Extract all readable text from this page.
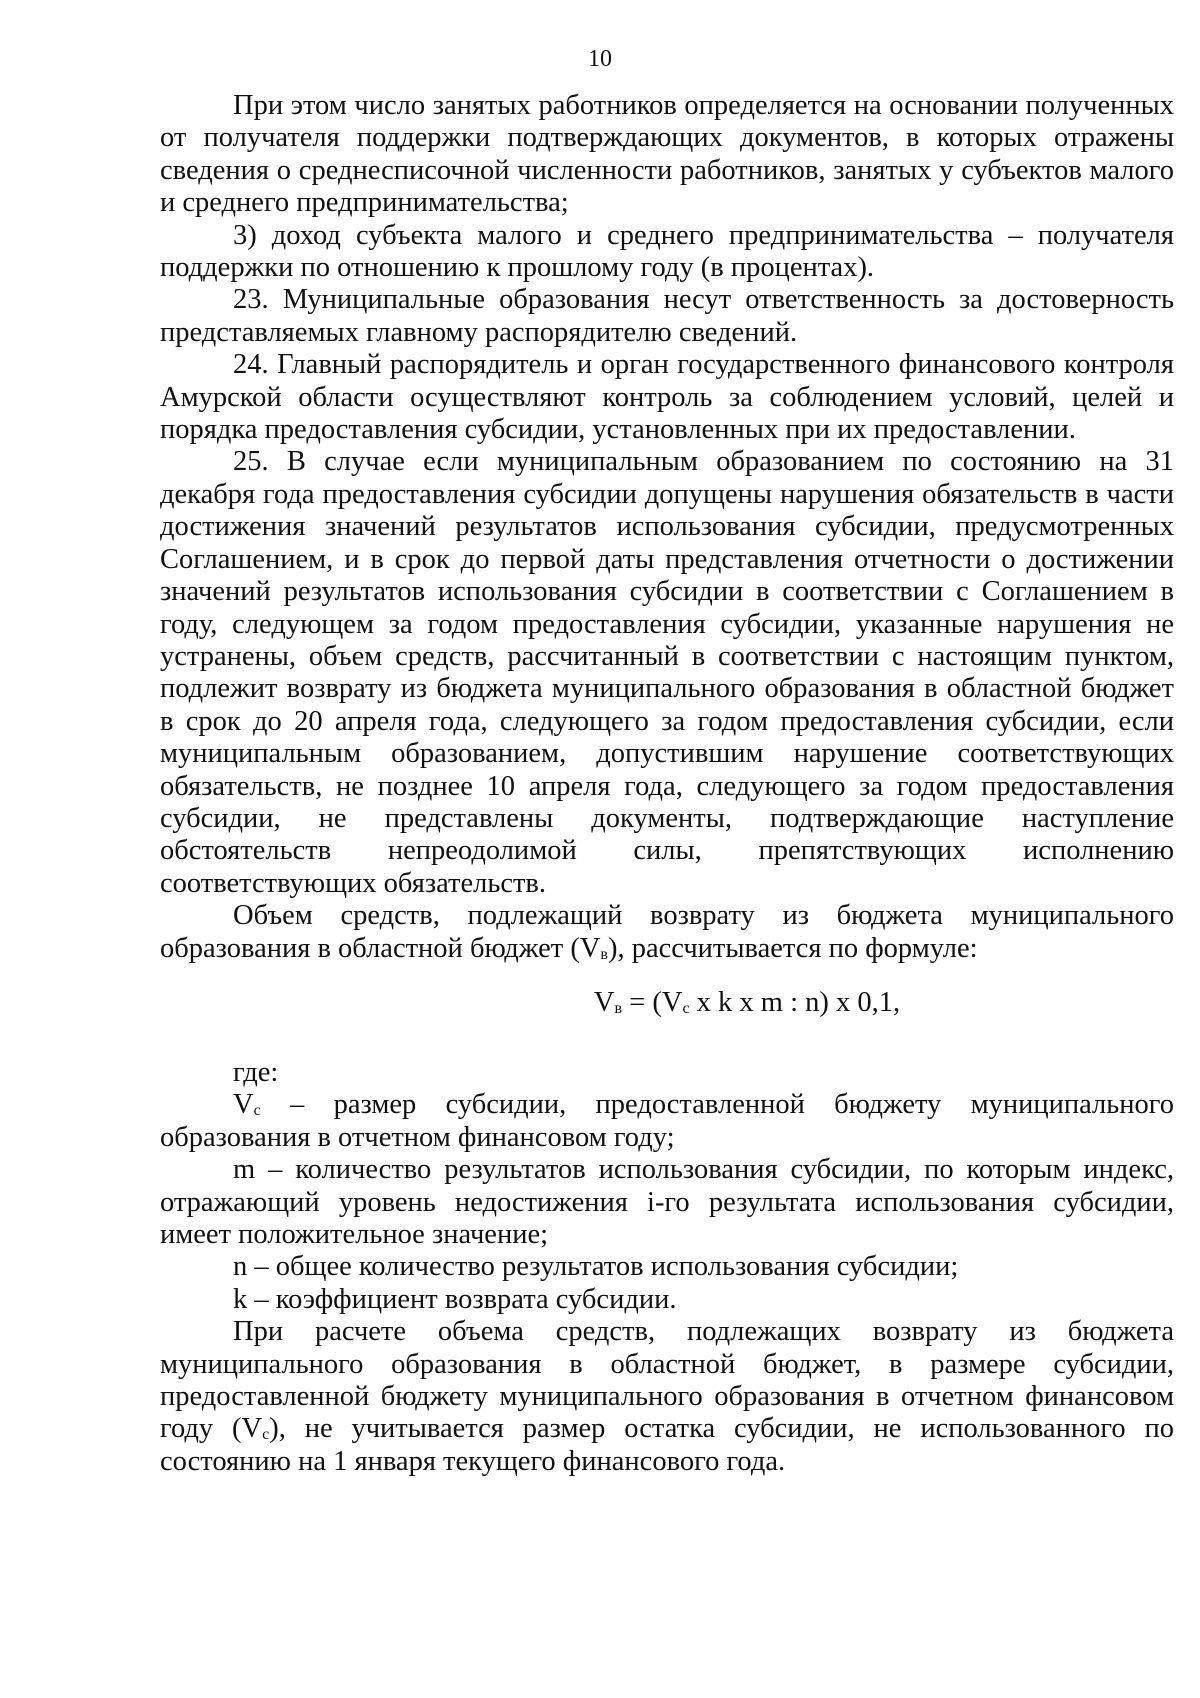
10

При этом число занятых работников определяется на основании полученных от получателя поддержки подтверждающих документов, в которых отражены сведения о среднесписочной численности работников, занятых у субъектов малого и среднего предпринимательства;

3) доход субъекта малого и среднего предпринимательства – получателя поддержки по отношению к прошлому году (в процентах).

23. Муниципальные образования несут ответственность за достоверность представляемых главному распорядителю сведений.

24. Главный распорядитель и орган государственного финансового контроля Амурской области осуществляют контроль за соблюдением условий, целей и порядка предоставления субсидии, установленных при их предоставлении.

25. В случае если муниципальным образованием по состоянию на 31 декабря года предоставления субсидии допущены нарушения обязательств в части достижения значений результатов использования субсидии, предусмотренных Соглашением, и в срок до первой даты представления отчетности о достижении значений результатов использования субсидии в соответствии с Соглашением в году, следующем за годом предоставления субсидии, указанные нарушения не устранены, объем средств, рассчитанный в соответствии с настоящим пунктом, подлежит возврату из бюджета муниципального образования в областной бюджет в срок до 20 апреля года, следующего за годом предоставления субсидии, если муниципальным образованием, допустившим нарушение соответствующих обязательств, не позднее 10 апреля года, следующего за годом предоставления субсидии, не представлены документы, подтверждающие наступление обстоятельств непреодолимой силы, препятствующих исполнению соответствующих обязательств.

Объем средств, подлежащий возврату из бюджета муниципального образования в областной бюджет $(V_в)$, рассчитывается по формуле:

$V_в = (V_с$ x k x m : n) x 0,1,

где:

$V_с$ – размер субсидии, предоставленной бюджету муниципального образования в отчетном финансовом году;

m – количество результатов использования субсидии, по которым индекс, отражающий уровень недостижения i-го результата использования субсидии, имеет положительное значение;

n – общее количество результатов использования субсидии;

k – коэффициент возврата субсидии.

При расчете объема средств, подлежащих возврату из бюджета муниципального образования в областной бюджет, в размере субсидии, предоставленной бюджету муниципального образования в отчетном финансовом году $(V_с)$, не учитывается размер остатка субсидии, не использованного по состоянию на 1 января текущего финансового года.
